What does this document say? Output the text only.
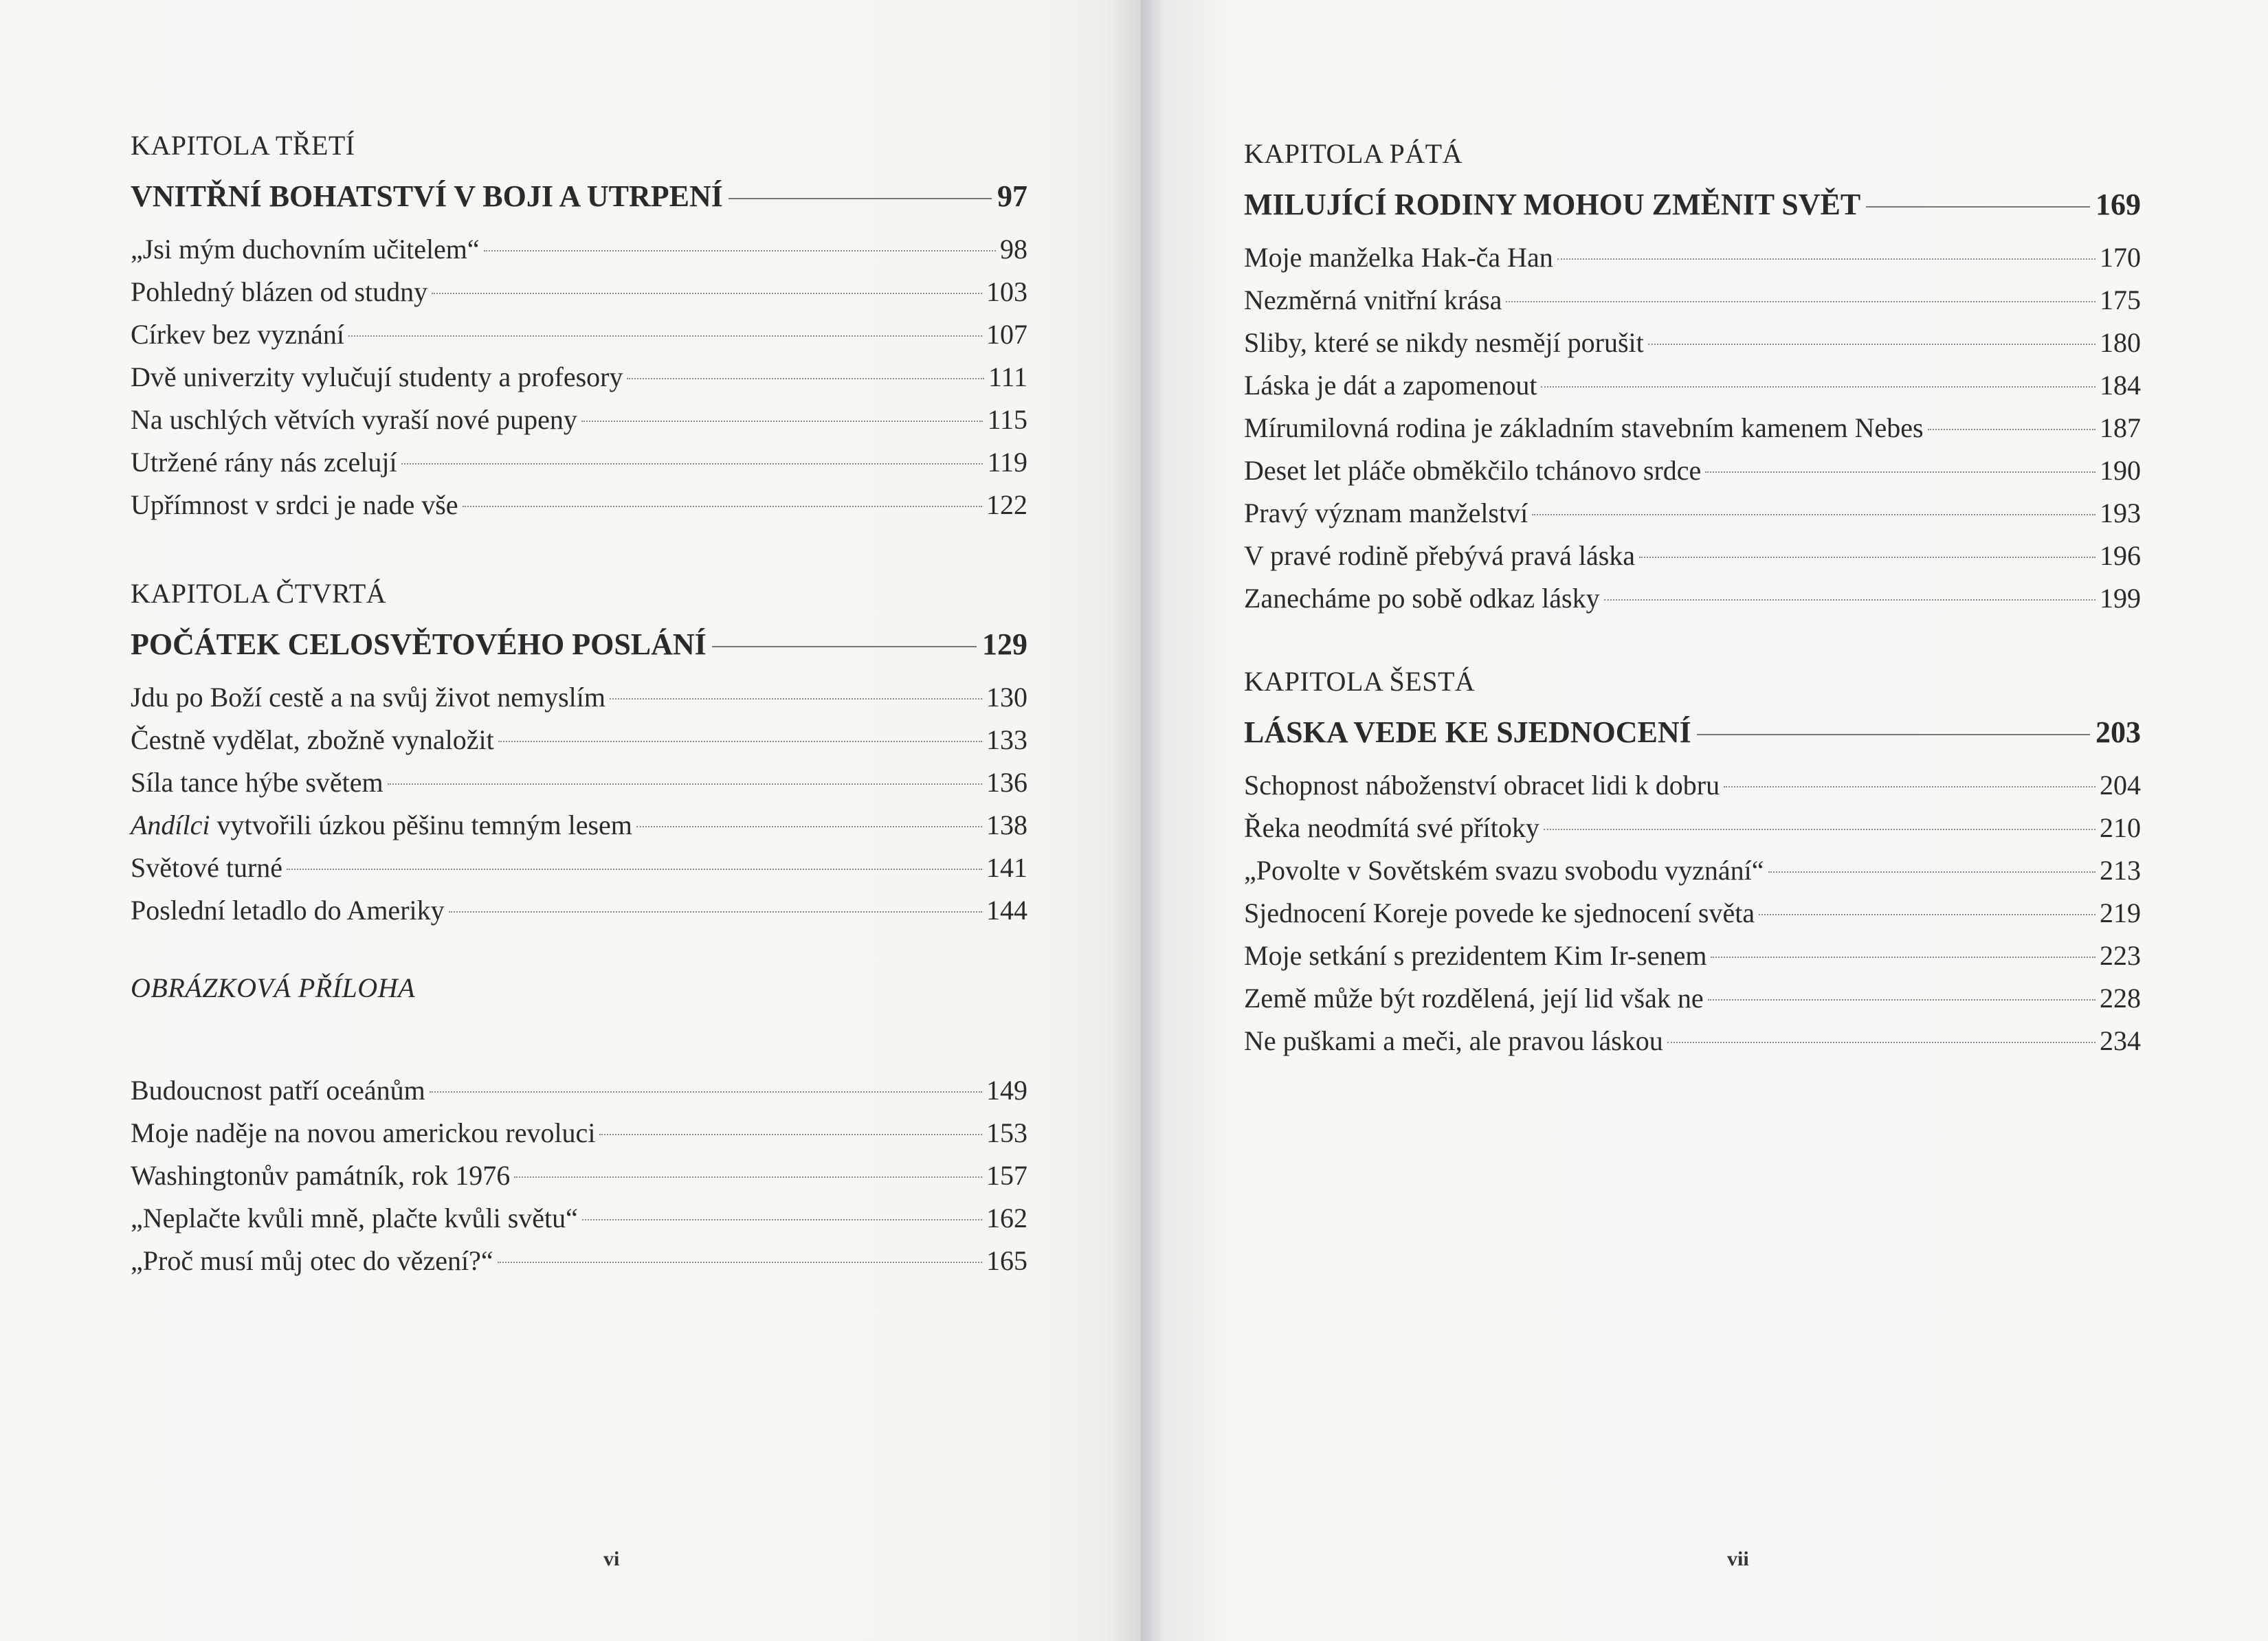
KAPITOLA TŘETÍ
VNITŘNÍ BOHATSTVÍ V BOJI A UTRPENÍ	97
„Jsi mým duchovním učitelem“	98
Pohledný blázen od studny	103
Církev bez vyznání	107
Dvě univerzity vylučují studenty a profesory	111
Na uschlých větvích vyraší nové pupeny	115
Utržené rány nás zcelují	119
Upřímnost v srdci je nade vše	122
KAPITOLA ČTVRTÁ
POČÁTEK CELOSVĚTOVÉHO POSLÁNÍ	129
Jdu po Boží cestě a na svůj život nemyslím	130
Čestně vydělat, zbožně vynaložit	133
Síla tance hýbe světem	136
Andílci vytvořili úzkou pěšinu temným lesem	138
Světové turné	141
Poslední letadlo do Ameriky	144
OBRÁZKOVÁ PŘÍLOHA
Budoucnost patří oceánům	149
Moje naděje na novou americkou revoluci	153
Washingtonův památník, rok 1976	157
„Neplačte kvůli mně, plačte kvůli světu“	162
„Proč musí můj otec do vězení?“	165
vi
KAPITOLA PÁTÁ
MILUJÍCÍ RODINY MOHOU ZMĚNIT SVĚT	169
Moje manželka Hak-ča Han	170
Nezměrná vnitřní krása	175
Sliby, které se nikdy nesmějí porušit	180
Láska je dát a zapomenout	184
Mírumilovná rodina je základním stavebním kamenem Nebes	187
Deset let pláče obměkčilo tchánovo srdce	190
Pravý význam manželství	193
V pravé rodině přebývá pravá láska	196
Zanecháme po sobě odkaz lásky	199
KAPITOLA ŠESTÁ
LÁSKA VEDE KE SJEDNOCENÍ	203
Schopnost náboženství obracet lidi k dobru	204
Řeka neodmítá své přítoky	210
„Povolte v Sovětském svazu svobodu vyznání“	213
Sjednocení Koreje povede ke sjednocení světa	219
Moje setkání s prezidentem Kim Ir-senem	223
Země může být rozdělená, její lid však ne	228
Ne puškami a meči, ale pravou láskou	234
vii
